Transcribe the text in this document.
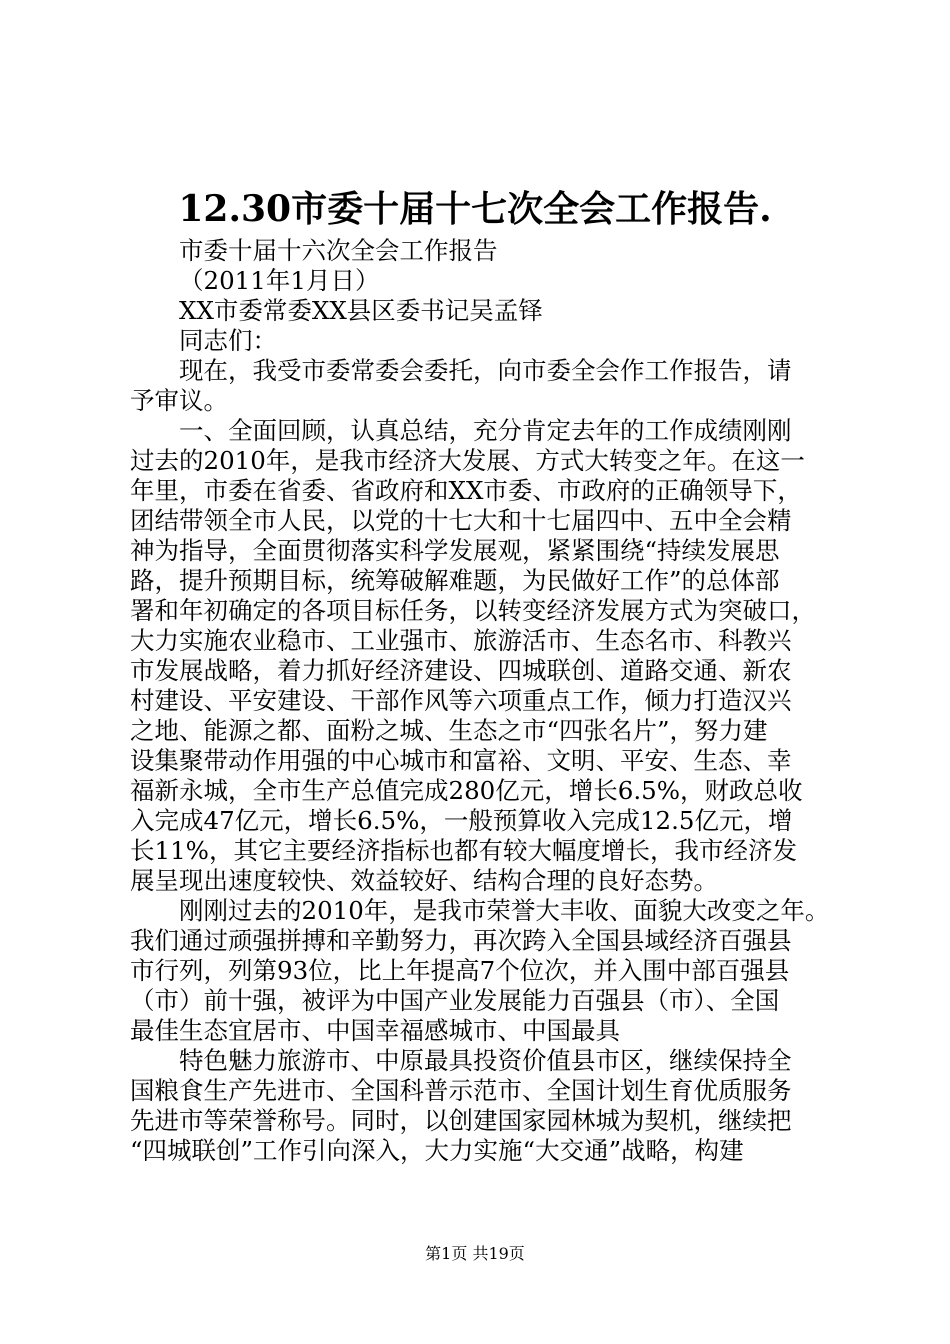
12.30市委十届十七次全会工作报告.
市委十届十六次全会工作报告
（2011年1月日）
XX市委常委XX县区委书记吴孟铎
同志们：
现在，我受市委常委会委托，向市委全会作工作报告，请
予审议。
一、全面回顾，认真总结，充分肯定去年的工作成绩刚刚
过去的2010年，是我市经济大发展、方式大转变之年。在这一
年里，市委在省委、省政府和XX市委、市政府的正确领导下，
团结带领全市人民，以党的十七大和十七届四中、五中全会精
神为指导，全面贯彻落实科学发展观，紧紧围绕“持续发展思
路，提升预期目标，统筹破解难题，为民做好工作”的总体部
署和年初确定的各项目标任务，以转变经济发展方式为突破口，
大力实施农业稳市、工业强市、旅游活市、生态名市、科教兴
市发展战略，着力抓好经济建设、四城联创、道路交通、新农
村建设、平安建设、干部作风等六项重点工作，倾力打造汉兴
之地、能源之都、面粉之城、生态之市“四张名片”，努力建
设集聚带动作用强的中心城市和富裕、文明、平安、生态、幸
福新永城，全市生产总值完成280亿元，增长6.5%，财政总收
入完成47亿元，增长6.5%，一般预算收入完成12.5亿元，增
长11%，其它主要经济指标也都有较大幅度增长，我市经济发
展呈现出速度较快、效益较好、结构合理的良好态势。
刚刚过去的2010年，是我市荣誉大丰收、面貌大改变之年。
我们通过顽强拼搏和辛勤努力，再次跨入全国县域经济百强县
市行列，列第93位，比上年提高7个位次，并入围中部百强县
（市）前十强，被评为中国产业发展能力百强县（市）、全国
最佳生态宜居市、中国幸福感城市、中国最具
特色魅力旅游市、中原最具投资价值县市区，继续保持全
国粮食生产先进市、全国科普示范市、全国计划生育优质服务
先进市等荣誉称号。同时，以创建国家园林城为契机，继续把
“四城联创”工作引向深入，大力实施“大交通”战略，构建
第1页 共19页
